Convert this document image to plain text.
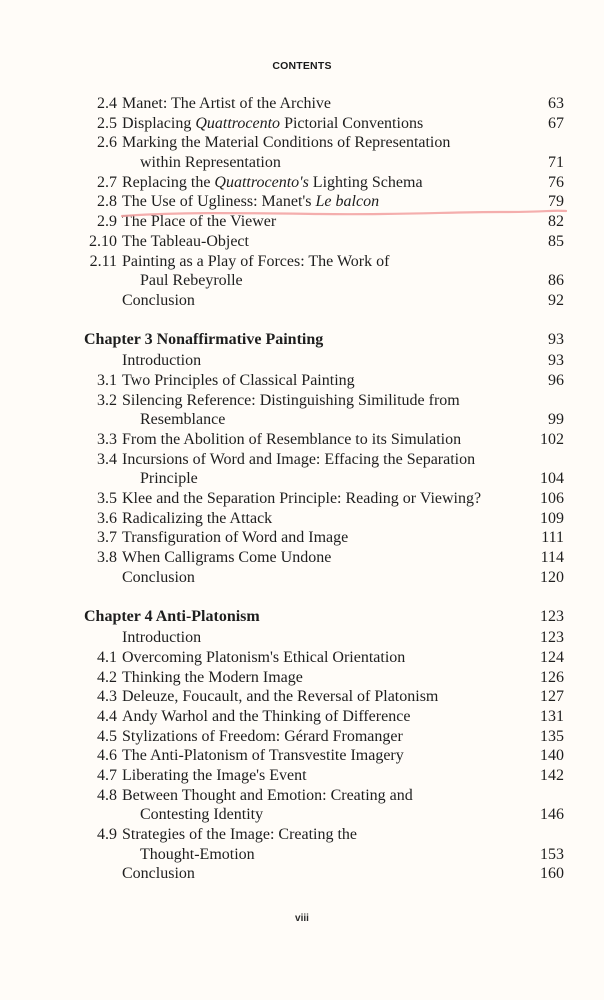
CONTENTS
2.4 Manet: The Artist of the Archive	63
2.5 Displacing Quattrocento Pictorial Conventions	67
2.6 Marking the Material Conditions of Representation
within Representation	71
2.7 Replacing the Quattrocento's Lighting Schema	76
2.8 The Use of Ugliness: Manet's Le balcon	79
2.9 The Place of the Viewer	82
2.10 The Tableau-Object	85
2.11 Painting as a Play of Forces: The Work of
Paul Rebeyrolle	86
Conclusion	92
Chapter 3 Nonaffirmative Painting	93
Introduction	93
3.1 Two Principles of Classical Painting	96
3.2 Silencing Reference: Distinguishing Similitude from
Resemblance	99
3.3 From the Abolition of Resemblance to its Simulation	102
3.4 Incursions of Word and Image: Effacing the Separation
Principle	104
3.5 Klee and the Separation Principle: Reading or Viewing?	106
3.6 Radicalizing the Attack	109
3.7 Transfiguration of Word and Image	111
3.8 When Calligrams Come Undone	114
Conclusion	120
Chapter 4 Anti-Platonism	123
Introduction	123
4.1 Overcoming Platonism's Ethical Orientation	124
4.2 Thinking the Modern Image	126
4.3 Deleuze, Foucault, and the Reversal of Platonism	127
4.4 Andy Warhol and the Thinking of Difference	131
4.5 Stylizations of Freedom: Gérard Fromanger	135
4.6 The Anti-Platonism of Transvestite Imagery	140
4.7 Liberating the Image's Event	142
4.8 Between Thought and Emotion: Creating and
Contesting Identity	146
4.9 Strategies of the Image: Creating the
Thought-Emotion	153
Conclusion	160
viii
